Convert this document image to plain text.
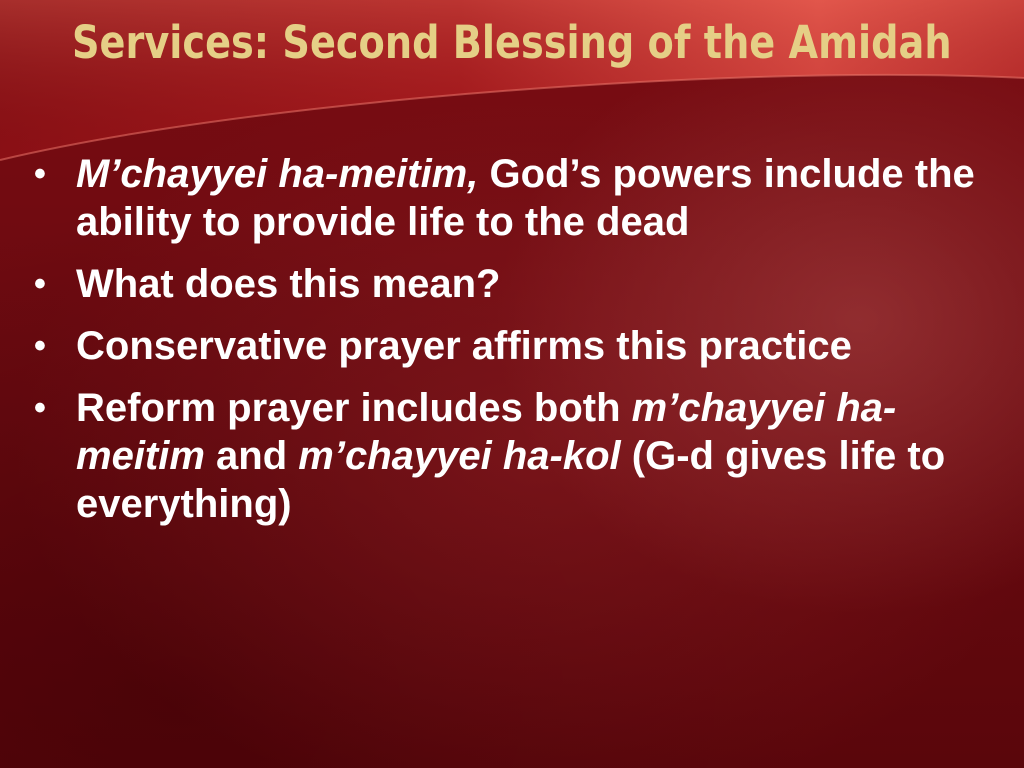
Services: Second Blessing of the Amidah
• M’chayyei ha-meitim, God’s powers include the ability to provide life to the dead
• What does this mean?
• Conservative prayer affirms this practice
• Reform prayer includes both m’chayyei ha-meitim and m’chayyei ha-kol (G-d gives life to everything)
